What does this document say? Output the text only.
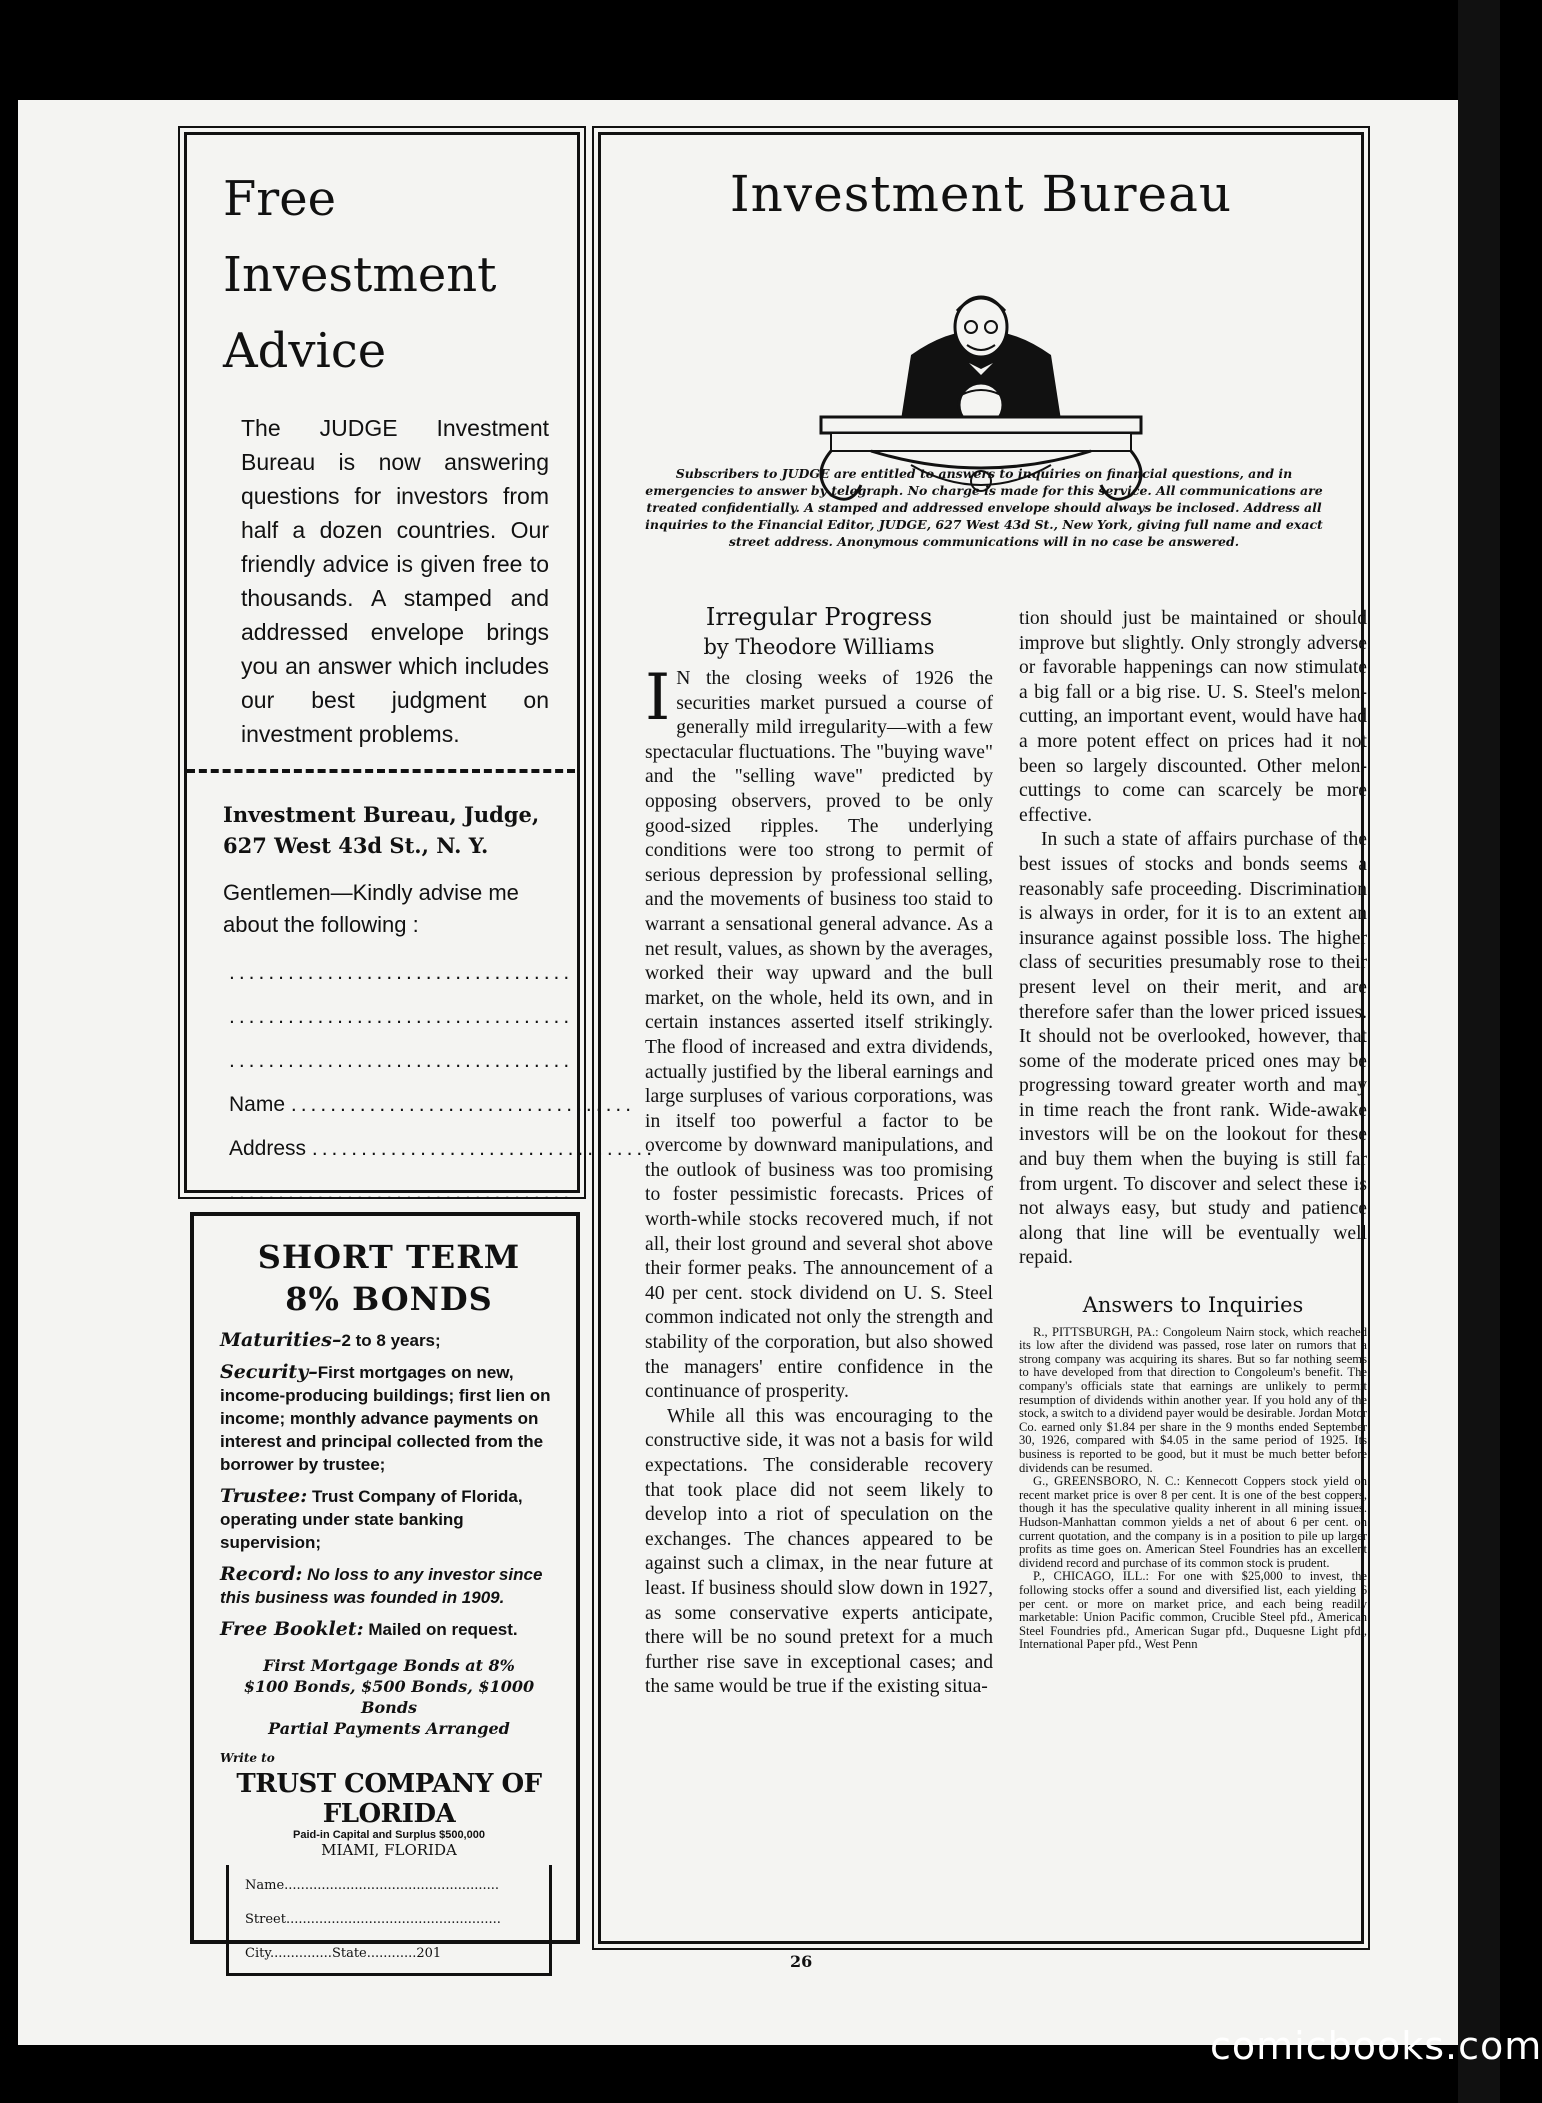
Free
Investment
Advice
The JUDGE Investment Bureau is now answering questions for investors from half a dozen countries. Our friendly advice is given free to thousands. A stamped and addressed envelope brings you an answer which includes our best judgment on investment problems.
Investment Bureau, Judge,
627 West 43d St., N. Y.
Gentlemen—Kindly advise me about the following :
...................................
...................................
...................................
Name ...................................
Address ...................................
...................................
SHORT TERM
8% BONDS

Maturities–2 to 8 years;

Security–First mortgages on new, income-producing buildings; first lien on income; monthly advance payments on interest and principal collected from the borrower by trustee;

Trustee: Trust Company of Florida, operating under state banking supervision;

Record: No loss to any investor since this business was founded in 1909.

Free Booklet: Mailed on request.

First Mortgage Bonds at 8%
$100 Bonds, $500 Bonds, $1000 Bonds
Partial Payments Arranged
Write to
TRUST COMPANY OF FLORIDA
Paid-in Capital and Surplus $500,000
MIAMI, FLORIDA
Name....................................................
Street....................................................
City...............State............201
Investment Bureau
Subscribers to JUDGE are entitled to answers to inquiries on financial questions, and in emergencies to answer by telegraph. No charge is made for this service. All communications are treated confidentially. A stamped and addressed envelope should always be inclosed. Address all inquiries to the Financial Editor, JUDGE, 627 West 43d St., New York, giving full name and exact street address. Anonymous communications will in no case be answered.
Irregular Progress
by Theodore Williams

I N the closing weeks of 1926 the securities market pursued a course of generally mild irregularity—with a few spectacular fluctuations. The "buying wave" and the "selling wave" predicted by opposing observers, proved to be only good-sized ripples. The underlying conditions were too strong to permit of serious depression by professional selling, and the movements of business too staid to warrant a sensational general advance. As a net result, values, as shown by the averages, worked their way upward and the bull market, on the whole, held its own, and in certain instances asserted itself strikingly. The flood of increased and extra dividends, actually justified by the liberal earnings and large surpluses of various corporations, was in itself too powerful a factor to be overcome by downward manipulations, and the outlook of business was too promising to foster pessimistic forecasts. Prices of worth-while stocks recovered much, if not all, their lost ground and several shot above their former peaks. The announcement of a 40 per cent. stock dividend on U. S. Steel common indicated not only the strength and stability of the corporation, but also showed the managers' entire confidence in the continuance of prosperity.

While all this was encouraging to the constructive side, it was not a basis for wild expectations. The considerable recovery that took place did not seem likely to develop into a riot of speculation on the exchanges. The chances appeared to be against such a climax, in the near future at least. If business should slow down in 1927, as some conservative experts anticipate, there will be no sound pretext for a much further rise save in exceptional cases; and the same would be true if the existing situa-

tion should just be maintained or should improve but slightly. Only strongly adverse or favorable happenings can now stimulate a big fall or a big rise. U. S. Steel's melon-cutting, an important event, would have had a more potent effect on prices had it not been so largely discounted. Other melon-cuttings to come can scarcely be more effective.

In such a state of affairs purchase of the best issues of stocks and bonds seems a reasonably safe proceeding. Discrimination is always in order, for it is to an extent an insurance against possible loss. The higher class of securities presumably rose to their present level on their merit, and are therefore safer than the lower priced issues. It should not be overlooked, however, that some of the moderate priced ones may be progressing toward greater worth and may in time reach the front rank. Wide-awake investors will be on the lookout for these and buy them when the buying is still far from urgent. To discover and select these is not always easy, but study and patience along that line will be eventually well repaid.

Answers to Inquiries

R., PITTSBURGH, PA.: Congoleum Nairn stock, which reached its low after the dividend was passed, rose later on rumors that a strong company was acquiring its shares. But so far nothing seems to have developed from that direction to Congoleum's benefit. The company's officials state that earnings are unlikely to permit resumption of dividends within another year. If you hold any of the stock, a switch to a dividend payer would be desirable. Jordan Motor Co. earned only $1.84 per share in the 9 months ended September 30, 1926, compared with $4.05 in the same period of 1925. Its business is reported to be good, but it must be much better before dividends can be resumed.

G., GREENSBORO, N. C.: Kennecott Coppers stock yield on recent market price is over 8 per cent. It is one of the best coppers, though it has the speculative quality inherent in all mining issues. Hudson-Manhattan common yields a net of about 6 per cent. on current quotation, and the company is in a position to pile up larger profits as time goes on. American Steel Foundries has an excellent dividend record and purchase of its common stock is prudent.

P., CHICAGO, ILL.: For one with $25,000 to invest, the following stocks offer a sound and diversified list, each yielding 6 per cent. or more on market price, and each being readily marketable: Union Pacific common, Crucible Steel pfd., American Steel Foundries pfd., American Sugar pfd., Duquesne Light pfd., International Paper pfd., West Penn

26
comicbooks.com
